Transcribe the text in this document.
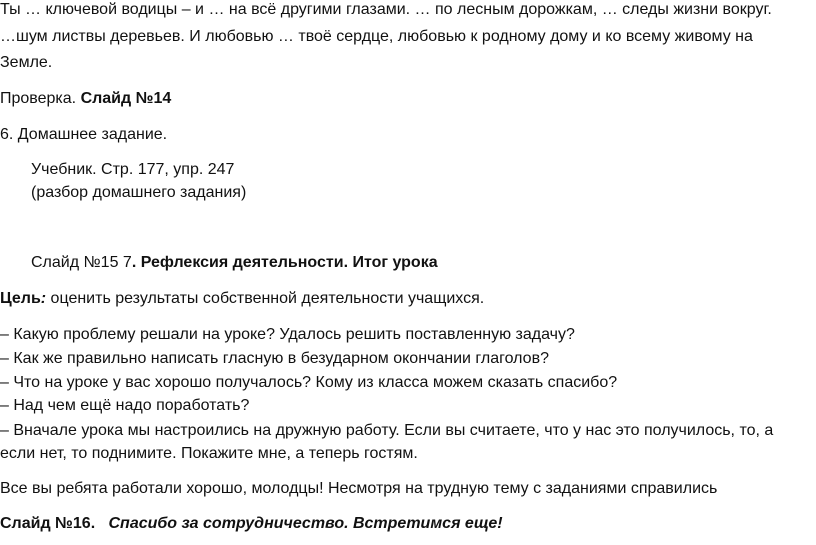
Ты … ключевой водицы – и … на всё другими глазами. … по лесным дорожкам, … следы жизни вокруг.

…шум листвы деревьев. И любовью … твоё сердце, любовью к родному дому и ко всему живому на

Земле.

Проверка. Слайд №14

6. Домашнее задание.

Учебник. Стр. 177, упр. 247

(разбор домашнего задания)

Слайд №15 7. Рефлексия деятельности. Итог урока

Цель: оценить результаты собственной деятельности учащихся.

– Какую проблему решали на уроке? Удалось решить поставленную задачу?

– Как же правильно написать гласную в безударном окончании глаголов?

– Что на уроке у вас хорошо получалось? Кому из класса можем сказать спасибо?

– Над чем ещё надо поработать?

– Вначале урока мы настроились на дружную работу. Если вы считаете, что у нас это получилось, то, а

если нет, то поднимите. Покажите мне, а теперь гостям.

Все вы ребята работали хорошо, молодцы! Несмотря на трудную тему с заданиями справились

Слайд №16. Спасибо за сотрудничество. Встретимся еще!
